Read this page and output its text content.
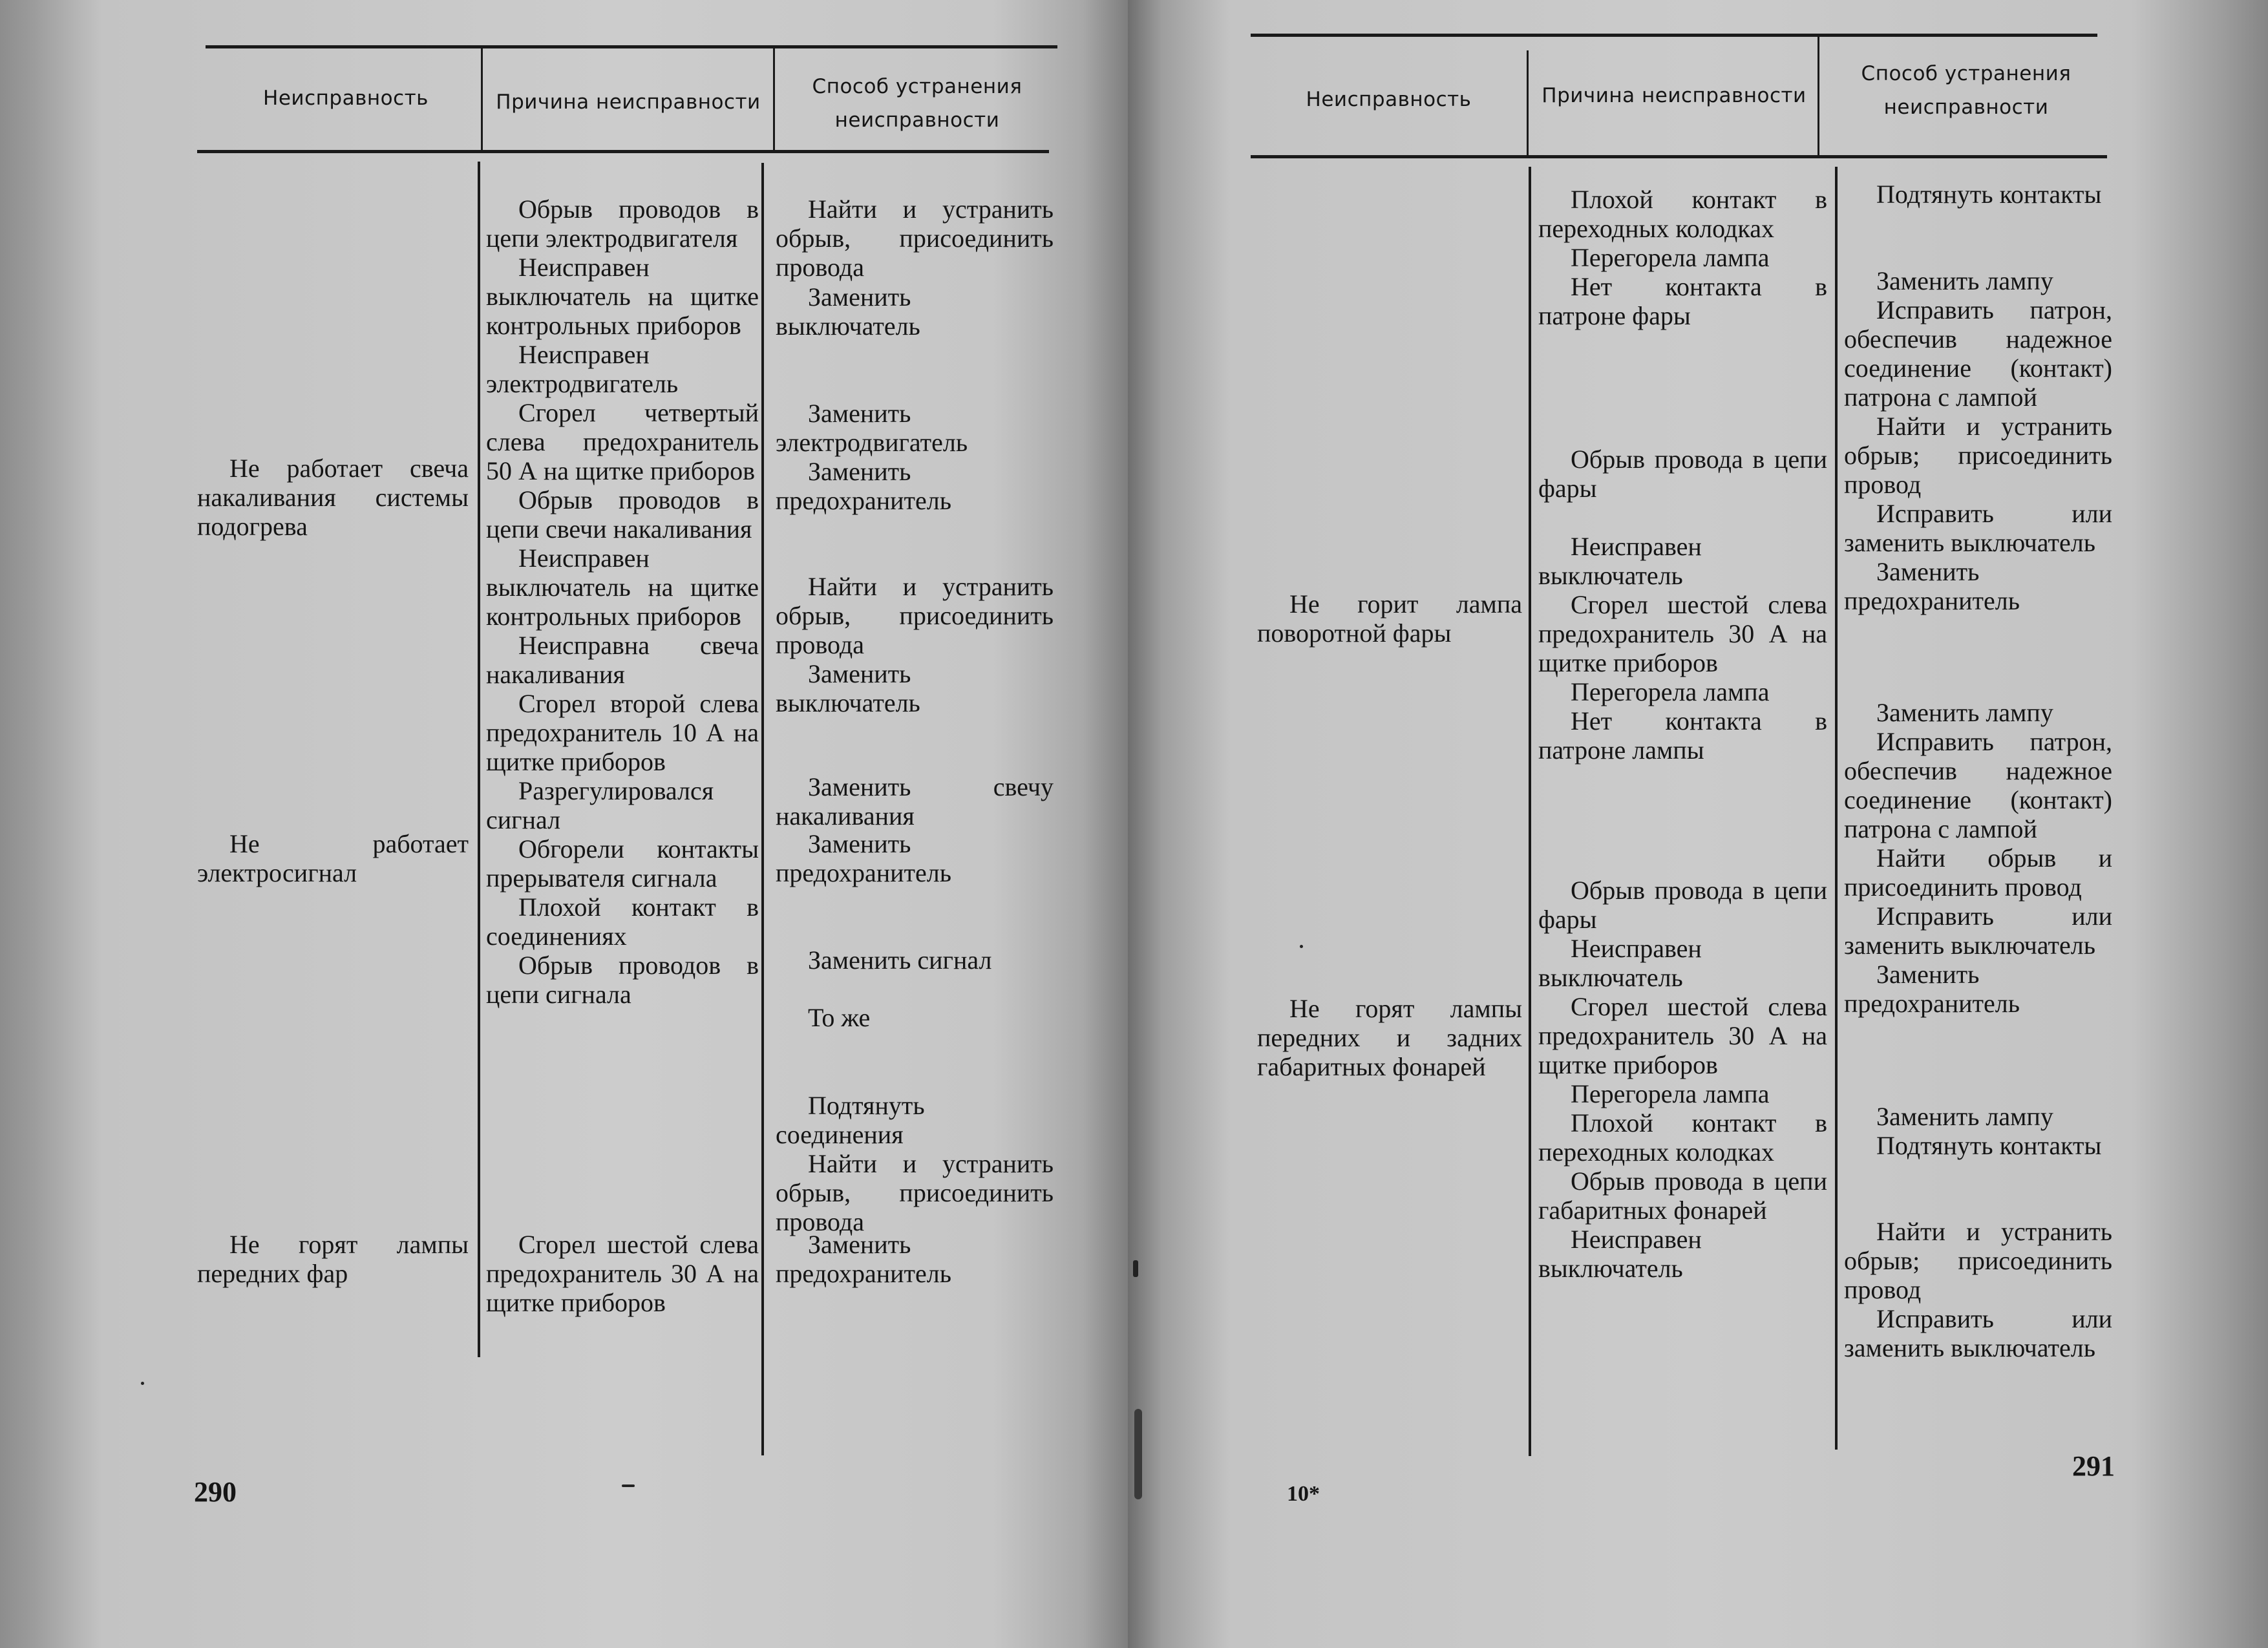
Неисправность	Причина неисправности
Способ устранения неисправности
Не работает свеча накаливания системы подогрева
Не работает электросигнал
Не горят лампы передних фар
Обрыв проводов в цепи электродвигателя
Неисправен выключатель на щитке контрольных приборов
Неисправен электродвигатель
Сгорел четвертый слева предохранитель 50 А на щитке приборов
Обрыв проводов в цепи свечи накаливания
Неисправен выключатель на щитке контрольных приборов
Неисправна свеча накаливания
Сгорел второй слева предохранитель 10 А на щитке приборов
Разрегулировался сигнал
Обгорели контакты прерывателя сигнала
Плохой контакт в соединениях
Обрыв проводов в цепи сигнала
Сгорел шестой слева предохранитель 30 А на щитке приборов
Найти и устранить обрыв, присоединить провода
Заменить выключатель
Заменить электродвигатель
Заменить предохранитель
Найти и устранить обрыв, присоединить провода
Заменить выключатель
Заменить свечу накаливания
Заменить предохранитель
Заменить сигнал
То же
Подтянуть соединения
Найти и устранить обрыв, присоединить провода
Заменить предохранитель
290
Неисправность	Причина неисправности
Способ устранения неисправности
Не горит лампа поворотной фары
Не горят лампы передних и задних габаритных фонарей
Плохой контакт в переходных колодках
Перегорела лампа
Нет контакта в патроне фары
Обрыв провода в цепи фары
Неисправен выключатель
Сгорел шестой слева предохранитель 30 А на щитке приборов
Перегорела лампа
Нет контакта в патроне лампы
Обрыв провода в цепи фары
Неисправен выключатель
Сгорел шестой слева предохранитель 30 А на щитке приборов
Перегорела лампа
Плохой контакт в переходных колодках
Обрыв провода в цепи габаритных фонарей
Неисправен выключатель
Подтянуть контакты
Заменить лампу
Исправить патрон, обеспечив надежное соединение (контакт) патрона с лампой
Найти и устранить обрыв; присоединить провод
Исправить или заменить выключатель
Заменить предохранитель
Заменить лампу
Исправить патрон, обеспечив надежное соединение (контакт) патрона с лампой
Найти обрыв и присоединить провод
Исправить или заменить выключатель
Заменить предохранитель
Заменить лампу
Подтянуть контакты
Найти и устранить обрыв; присоединить провод
Исправить или заменить выключатель
10*
291
